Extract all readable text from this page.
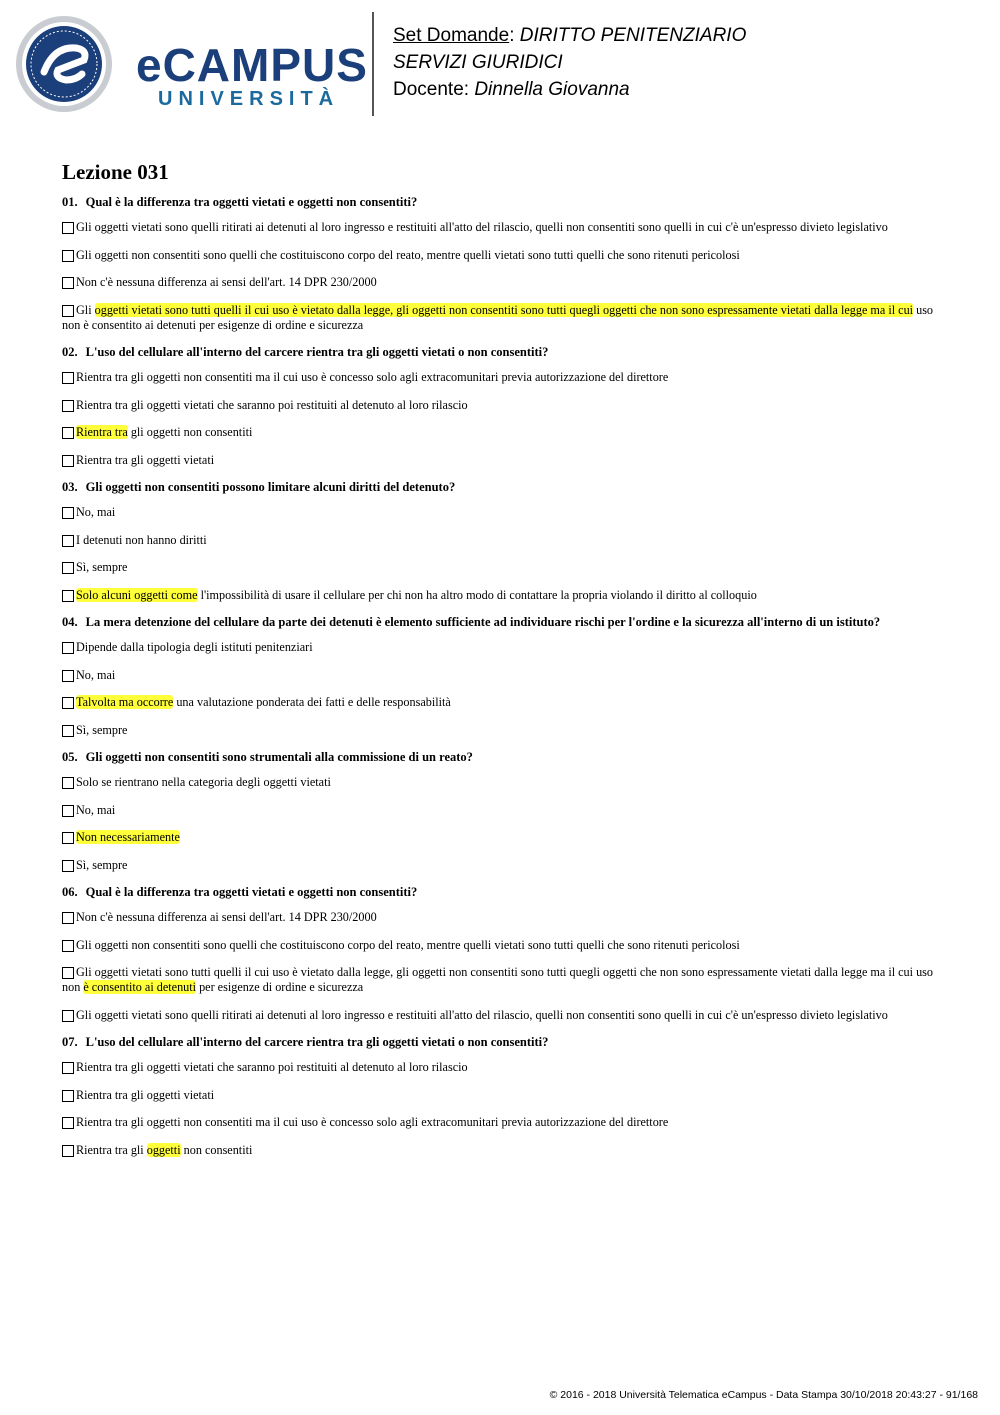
eCAMPUS
UNIVERSITÀ
Set Domande: DIRITTO PENITENZIARIO
SERVIZI GIURIDICI
Docente: Dinnella Giovanna
Lezione 031
01. Qual è la differenza tra oggetti vietati e oggetti non consentiti?
Gli oggetti vietati sono quelli ritirati ai detenuti al loro ingresso e restituiti all'atto del rilascio, quelli non consentiti sono quelli in cui c'è un'espresso divieto legislativo
Gli oggetti non consentiti sono quelli che costituiscono corpo del reato, mentre quelli vietati sono tutti quelli che sono ritenuti pericolosi
Non c'è nessuna differenza ai sensi dell'art. 14 DPR 230/2000
Gli oggetti vietati sono tutti quelli il cui uso è vietato dalla legge, gli oggetti non consentiti sono tutti quegli oggetti che non sono espressamente vietati dalla legge ma il cui uso non è consentito ai detenuti per esigenze di ordine e sicurezza
02. L'uso del cellulare all'interno del carcere rientra tra gli oggetti vietati o non consentiti?
Rientra tra gli oggetti non consentiti ma il cui uso è concesso solo agli extracomunitari previa autorizzazione del direttore
Rientra tra gli oggetti vietati che saranno poi restituiti al detenuto al loro rilascio
Rientra tra gli oggetti non consentiti
Rientra tra gli oggetti vietati
03. Gli oggetti non consentiti possono limitare alcuni diritti del detenuto?
No, mai
I detenuti non hanno diritti
Sì, sempre
Solo alcuni oggetti come l'impossibilità di usare il cellulare per chi non ha altro modo di contattare la propria violando il diritto al colloquio
04. La mera detenzione del cellulare da parte dei detenuti è elemento sufficiente ad individuare rischi per l'ordine e la sicurezza all'interno di un istituto?
Dipende dalla tipologia degli istituti penitenziari
No, mai
Talvolta ma occorre una valutazione ponderata dei fatti e delle responsabilità
Sì, sempre
05. Gli oggetti non consentiti sono strumentali alla commissione di un reato?
Solo se rientrano nella categoria degli oggetti vietati
No, mai
Non necessariamente
Sì, sempre
06. Qual è la differenza tra oggetti vietati e oggetti non consentiti?
Non c'è nessuna differenza ai sensi dell'art. 14 DPR 230/2000
Gli oggetti non consentiti sono quelli che costituiscono corpo del reato, mentre quelli vietati sono tutti quelli che sono ritenuti pericolosi
Gli oggetti vietati sono tutti quelli il cui uso è vietato dalla legge, gli oggetti non consentiti sono tutti quegli oggetti che non sono espressamente vietati dalla legge ma il cui uso non è consentito ai detenuti per esigenze di ordine e sicurezza
Gli oggetti vietati sono quelli ritirati ai detenuti al loro ingresso e restituiti all'atto del rilascio, quelli non consentiti sono quelli in cui c'è un'espresso divieto legislativo
07. L'uso del cellulare all'interno del carcere rientra tra gli oggetti vietati o non consentiti?
Rientra tra gli oggetti vietati che saranno poi restituiti al detenuto al loro rilascio
Rientra tra gli oggetti vietati
Rientra tra gli oggetti non consentiti ma il cui uso è concesso solo agli extracomunitari previa autorizzazione del direttore
Rientra tra gli oggetti non consentiti
© 2016 - 2018 Università Telematica eCampus - Data Stampa 30/10/2018 20:43:27 - 91/168
